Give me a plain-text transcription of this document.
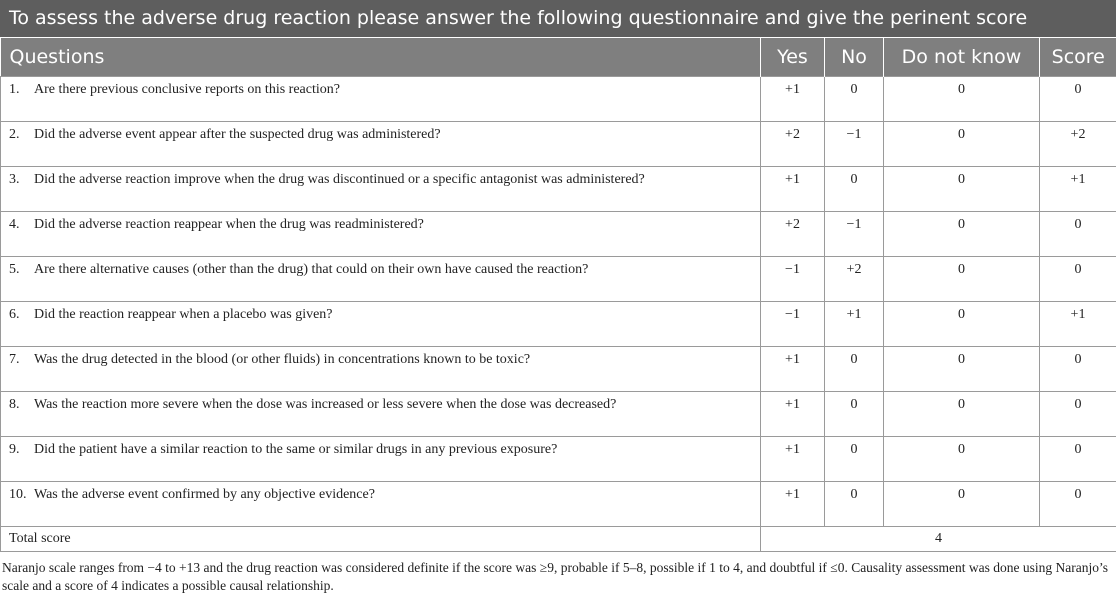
To assess the adverse drug reaction please answer the following questionnaire and give the perinent score
Questions	Yes	No	Do not know	Score
1. Are there previous conclusive reports on this reaction?	+1	0	0	0
2. Did the adverse event appear after the suspected drug was administered?	+2	−1	0	+2
3. Did the adverse reaction improve when the drug was discontinued or a specific antagonist was administered?	+1	0	0	+1
4. Did the adverse reaction reappear when the drug was readministered?	+2	−1	0	0
5. Are there alternative causes (other than the drug) that could on their own have caused the reaction?	−1	+2	0	0
6. Did the reaction reappear when a placebo was given?	−1	+1	0	+1
7. Was the drug detected in the blood (or other fluids) in concentrations known to be toxic?	+1	0	0	0
8. Was the reaction more severe when the dose was increased or less severe when the dose was decreased?	+1	0	0	0
9. Did the patient have a similar reaction to the same or similar drugs in any previous exposure?	+1	0	0	0
10. Was the adverse event confirmed by any objective evidence?	+1	0	0	0
Total score	4			
Naranjo scale ranges from −4 to +13 and the drug reaction was considered definite if the score was ≥9, probable if 5–8, possible if 1 to 4, and doubtful if ≤0. Causality assessment was done using Naranjo’s scale and a score of 4 indicates a possible causal relationship.
